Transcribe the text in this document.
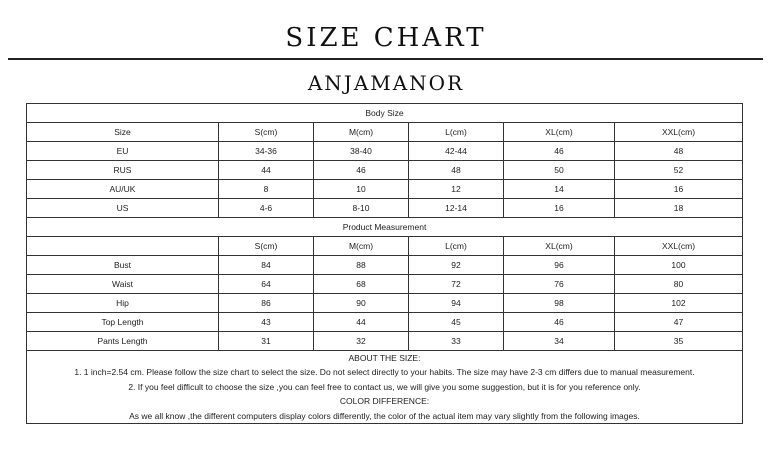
SIZE CHART
ANJAMANOR
Body Size					
Size	S(cm)	M(cm)	L(cm)	XL(cm)	XXL(cm)
EU	34-36	38-40	42-44	46	48
RUS	44	46	48	50	52
AU/UK	8	10	12	14	16
US	4-6	8-10	12-14	16	18
Product Measurement					
	S(cm)	M(cm)	L(cm)	XL(cm)	XXL(cm)
Bust	84	88	92	96	100
Waist	64	68	72	76	80
Hip	86	90	94	98	102
Top Length	43	44	45	46	47
Pants Length	31	32	33	34	35

ABOUT THE SIZE:
1. 1 inch=2.54 cm. Please follow the size chart to select the size. Do not select directly to your habits. The size may have 2-3 cm differs due to manual measurement.
2. If you feel difficult to choose the size ,you can feel free to contact us, we will give you some suggestion, but it is for you reference only.
COLOR DIFFERENCE:
As we all know ,the different computers display colors differently, the color of the actual item may vary slightly from the following images.					
